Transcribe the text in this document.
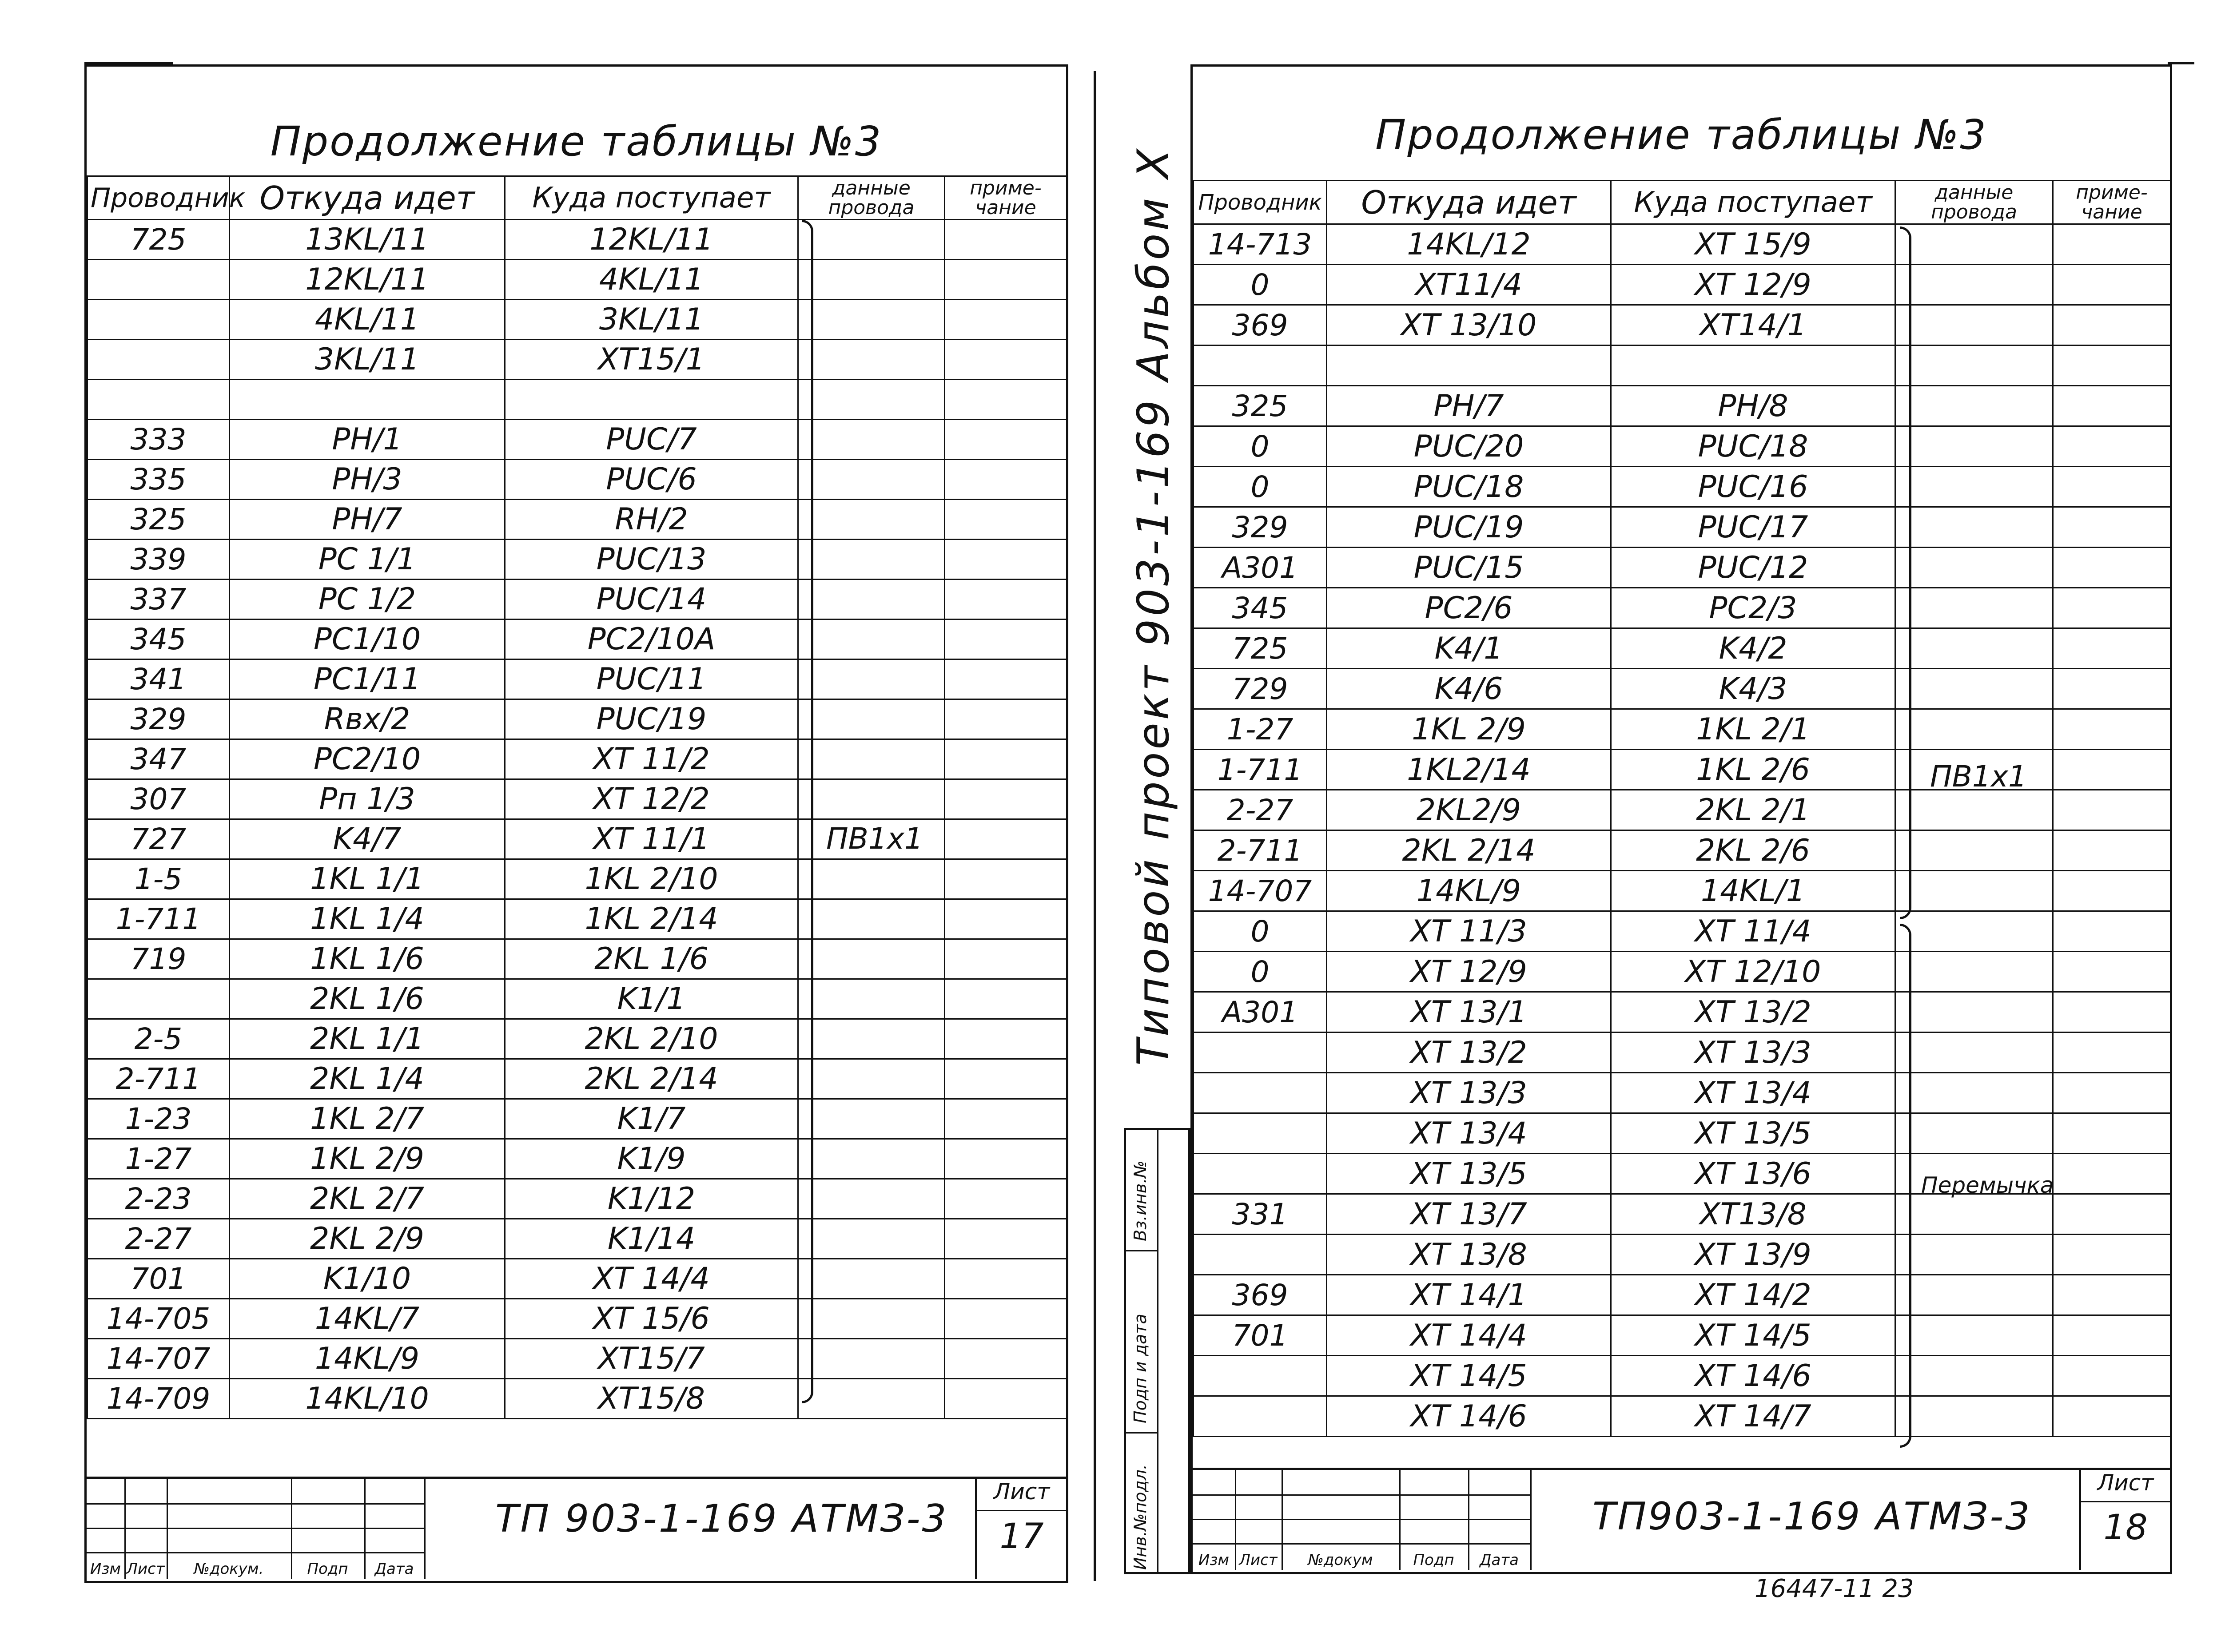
Продолжение таблицы №3
Проводник	Откуда идет	Куда поступает	данные провода	приме- чание
725	13KL/11	12KL/11		
	12KL/11	4KL/11		
	4KL/11	3KL/11		
	3KL/11	XT15/1		

333	PH/1	PUC/7		
335	PH/3	PUC/6		
325	PH/7	RH/2		
339	PC 1/1	PUC/13		
337	PC 1/2	PUC/14		
345	PC1/10	PC2/10A		
341	PC1/11	PUC/11		
329	Rвх/2	PUC/19		
347	PC2/10	XT 11/2		
307	Pп 1/3	XT 12/2		
727	K4/7	XT 11/1		
1-5	1KL 1/1	1KL 2/10		
1-711	1KL 1/4	1KL 2/14		
719	1KL 1/6	2KL 1/6		
	2KL 1/6	K1/1		
2-5	2KL 1/1	2KL 2/10		
2-711	2KL 1/4	2KL 2/14		
1-23	1KL 2/7	K1/7		
1-27	1KL 2/9	K1/9		
2-23	2KL 2/7	K1/12		
2-27	2KL 2/9	K1/14		
701	K1/10	XT 14/4		
14-705	14KL/7	XT 15/6		
14-707	14KL/9	XT15/7		
14-709	14KL/10	XT15/8		
ПВ1х1
Изм Лист	№докум.	Подп	Дата
ТП 903-1-169 АТМЗ-3
Лист
17
Продолжение таблицы №3
Проводник	Откуда идет	Куда поступает	данные провода	приме- чание
14-713	14KL/12	XT 15/9		
0	XT11/4	XT 12/9		
369	XT 13/10	XT14/1		

325	PH/7	PH/8		
0	PUC/20	PUC/18		
0	PUC/18	PUC/16		
329	PUC/19	PUC/17		
A301	PUC/15	PUC/12		
345	PC2/6	PC2/3		
725	K4/1	K4/2		
729	K4/6	K4/3		
1-27	1KL 2/9	1KL 2/1		
1-711	1KL2/14	1KL 2/6		
2-27	2KL2/9	2KL 2/1		
2-711	2KL 2/14	2KL 2/6		
14-707	14KL/9	14KL/1		
0	XT 11/3	XT 11/4		
0	XT 12/9	XT 12/10		
A301	XT 13/1	XT 13/2		
	XT 13/2	XT 13/3		
	XT 13/3	XT 13/4		
	XT 13/4	XT 13/5		
	XT 13/5	XT 13/6		
331	XT 13/7	XT13/8		
	XT 13/8	XT 13/9		
369	XT 14/1	XT 14/2		
701	XT 14/4	XT 14/5		
	XT 14/5	XT 14/6		
	XT 14/6	XT 14/7		
ПВ1х1
Перемычка
Изм Лист	№докум	Подп	Дата
ТП903-1-169 АТМЗ-3
Лист
18
Типовой проект 903-1-169 Альбом X
Вз.инв.№
Подп и дата
Инв.№подл.
16447-11 23
